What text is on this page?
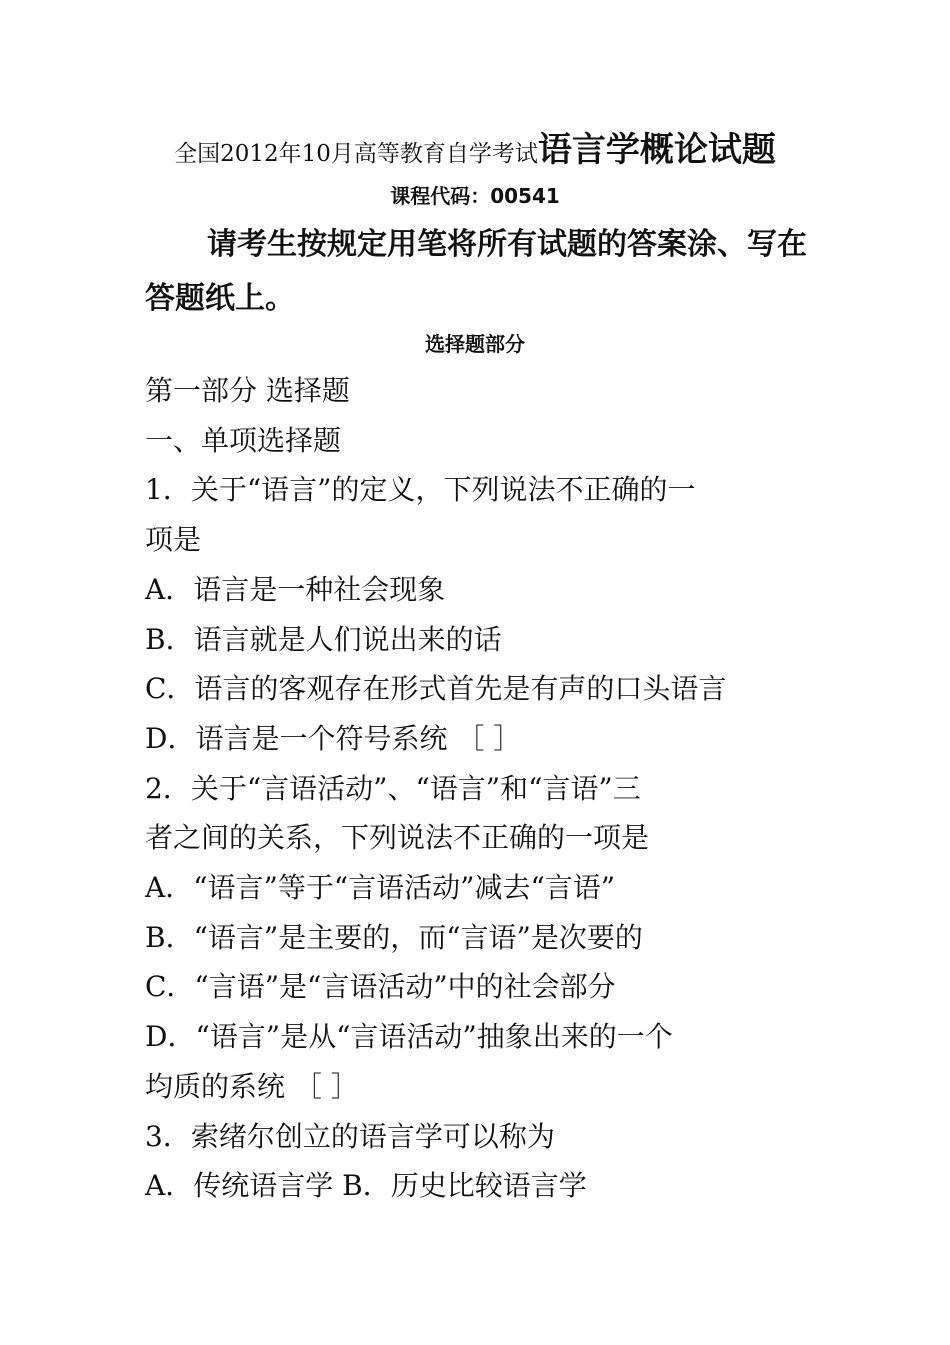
全国2012年10月高等教育自学考试语言学概论试题
课程代码：00541
请考生按规定用笔将所有试题的答案涂、写在答题纸上。
选择题部分
第一部分 选择题
一、单项选择题
1．关于“语言”的定义，下列说法不正确的一
项是
A．语言是一种社会现象
B．语言就是人们说出来的话
C．语言的客观存在形式首先是有声的口头语言
D．语言是一个符号系统 ［ ］
2．关于“言语活动”、“语言”和“言语”三
者之间的关系，下列说法不正确的一项是
A．“语言”等于“言语活动”减去“言语”
B．“语言”是主要的，而“言语”是次要的
C．“言语”是“言语活动”中的社会部分
D．“语言”是从“言语活动”抽象出来的一个
均质的系统 ［ ］
3．索绪尔创立的语言学可以称为
A．传统语言学 B．历史比较语言学
